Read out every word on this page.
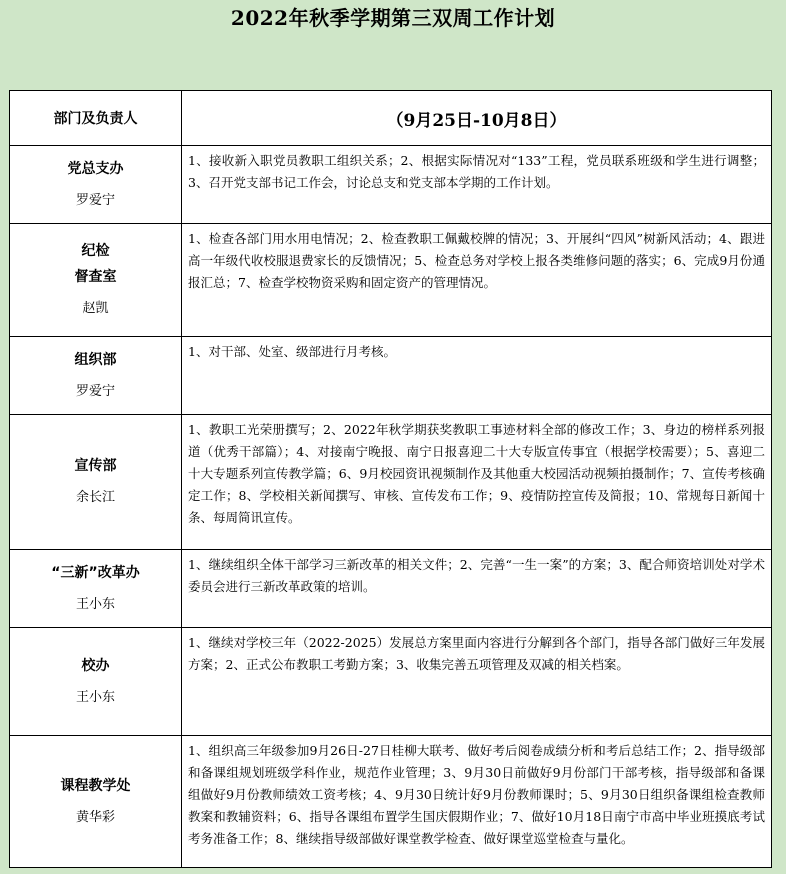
2022年秋季学期第三双周工作计划
部门及负责人	（9月25日-10月8日）

党总支办
罗爱宁	1、接收新入职党员教职工组织关系；2、根据实际情况对“133”工程，党员联系班级和学生进行调整；3、召开党支部书记工作会，讨论总支和党支部本学期的工作计划。

纪检
督查室
赵凯	1、检查各部门用水用电情况；2、检查教职工佩戴校牌的情况；3、开展纠“四风”树新风活动；4、跟进高一年级代收校服退费家长的反馈情况；5、检查总务对学校上报各类维修问题的落实；6、完成9月份通报汇总；7、检查学校物资采购和固定资产的管理情况。

组织部
罗爱宁	1、对干部、处室、级部进行月考核。

宣传部
余长江	1、教职工光荣册撰写；2、2022年秋学期获奖教职工事迹材料全部的修改工作；3、身边的榜样系列报道（优秀干部篇）；4、对接南宁晚报、南宁日报喜迎二十大专版宣传事宜（根据学校需要）；5、喜迎二十大专题系列宣传教学篇；6、9月校园资讯视频制作及其他重大校园活动视频拍摄制作；7、宣传考核确定工作；8、学校相关新闻撰写、审核、宣传发布工作；9、疫情防控宣传及简报；10、常规每日新闻十条、每周简讯宣传。

“三新”改革办
王小东	1、继续组织全体干部学习三新改革的相关文件；2、完善“一生一案”的方案；3、配合师资培训处对学术委员会进行三新改革政策的培训。

校办
王小东	1、继续对学校三年（2022-2025）发展总方案里面内容进行分解到各个部门，指导各部门做好三年发展方案；2、正式公布教职工考勤方案；3、收集完善五项管理及双减的相关档案。

课程教学处
黄华彩	1、组织高三年级参加9月26日-27日桂柳大联考、做好考后阅卷成绩分析和考后总结工作；2、指导级部和备课组规划班级学科作业，规范作业管理；3、9月30日前做好9月份部门干部考核，指导级部和备课组做好9月份教师绩效工资考核；4、9月30日统计好9月份教师课时；5、9月30日组织备课组检查教师教案和教辅资料；6、指导各课组布置学生国庆假期作业；7、做好10月18日南宁市高中毕业班摸底考试考务准备工作；8、继续指导级部做好课堂教学检查、做好课堂巡堂检查与量化。
